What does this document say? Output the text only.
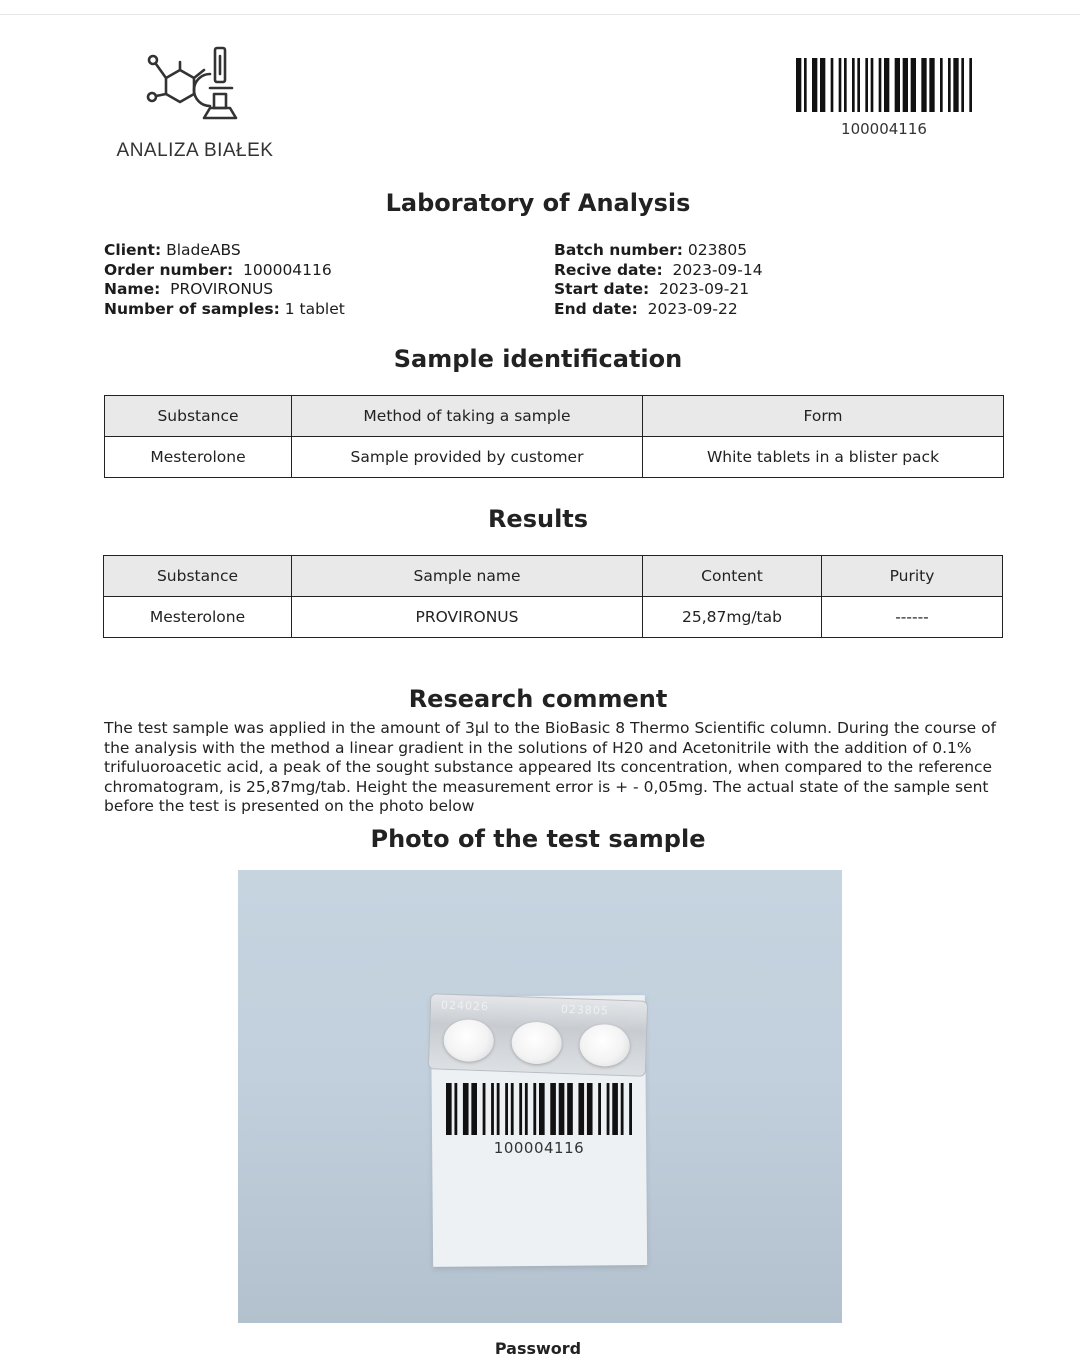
ANALIZA BIAŁEK
100004116
Laboratory of Analysis
Client: BladeABS
Order number: 100004116
Name: PROVIRONUS
Number of samples: 1 tablet
Batch number: 023805
Recive date: 2023-09-14
Start date: 2023-09-21
End date: 2023-09-22
Sample identification
Substance	Method of taking a sample	Form
Mesterolone	Sample provided by customer	White tablets in a blister pack
Results
Substance	Sample name	Content	Purity
Mesterolone	PROVIRONUS	25,87mg/tab	------
Research comment
The test sample was applied in the amount of 3µl to the BioBasic 8 Thermo Scientific column. During the course of the analysis with the method a linear gradient in the solutions of H20 and Acetonitrile with the addition of 0.1% trifuluoroacetic acid, a peak of the sought substance appeared Its concentration, when compared to the reference chromatogram, is 25,87mg/tab. Height the measurement error is + - 0,05mg. The actual state of the sample sent before the test is presented on the photo below
Photo of the test sample
024026	023805
100004116
Password
